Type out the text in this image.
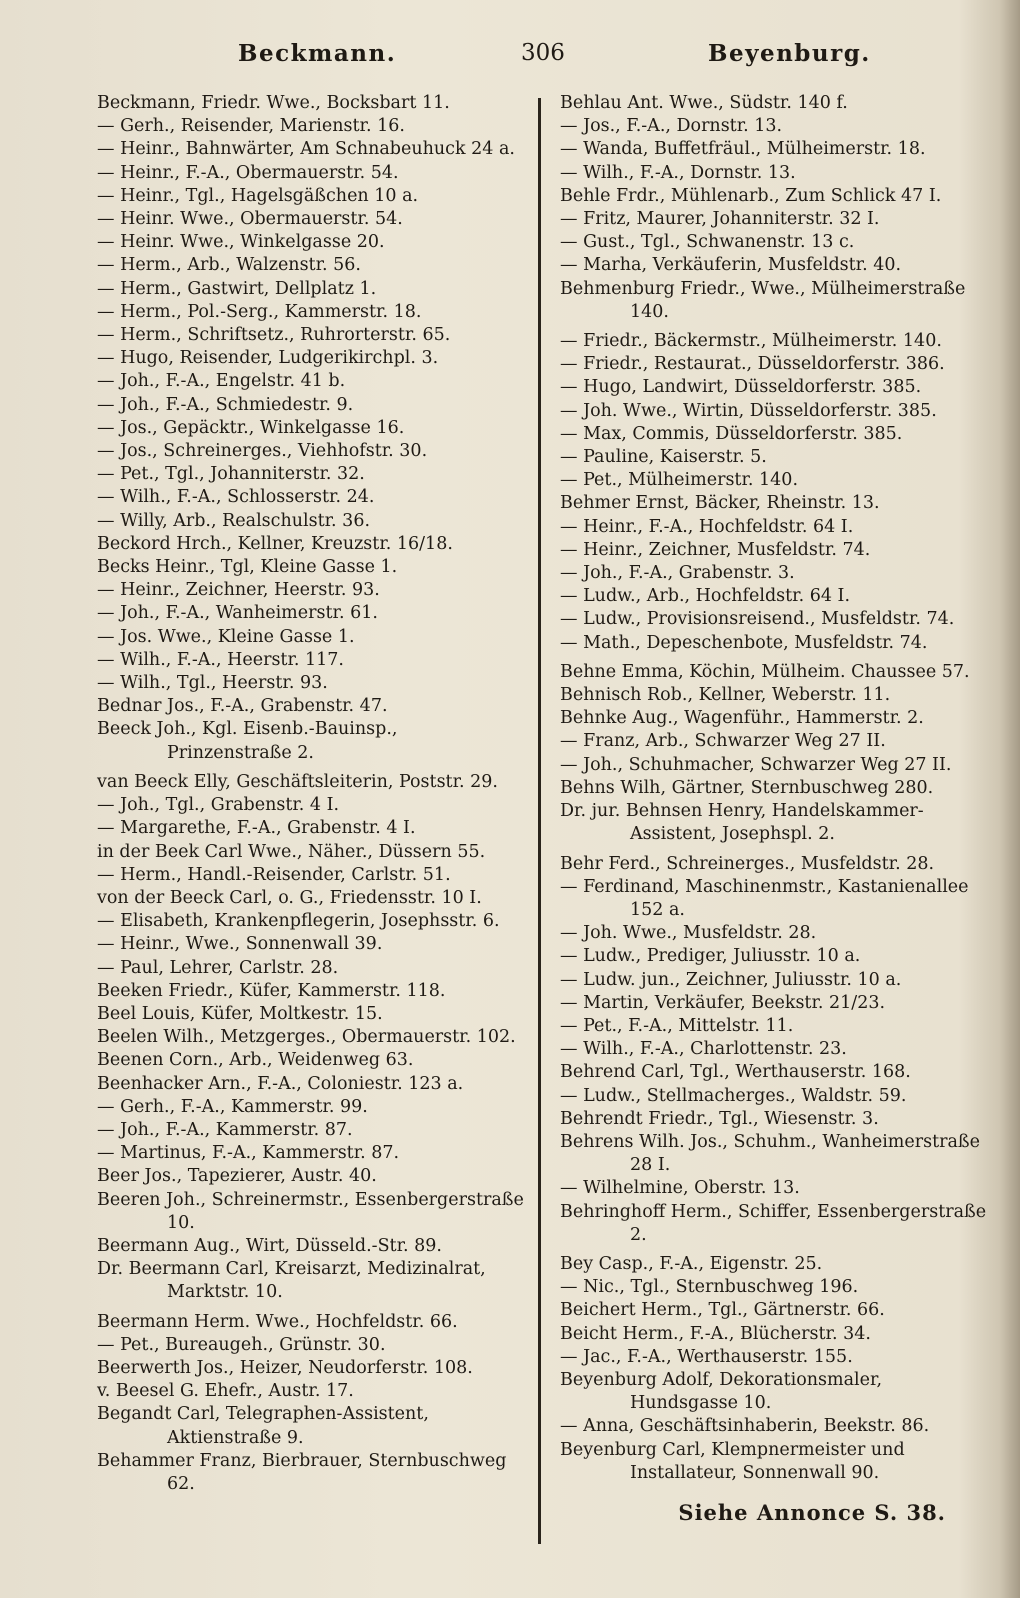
Beckmann.	306	Beyenburg.

Beckmann, Friedr. Wwe., Bocksbart 11.

— Gerh., Reisender, Marienstr. 16.

— Heinr., Bahnwärter, Am Schnabeuhuck 24 a.

— Heinr., F.-A., Obermauerstr. 54.

— Heinr., Tgl., Hagelsgäßchen 10 a.

— Heinr. Wwe., Obermauerstr. 54.

— Heinr. Wwe., Winkelgasse 20.

— Herm., Arb., Walzenstr. 56.

— Herm., Gastwirt, Dellplatz 1.

— Herm., Pol.-Serg., Kammerstr. 18.

— Herm., Schriftsetz., Ruhrorterstr. 65.

— Hugo, Reisender, Ludgerikirchpl. 3.

— Joh., F.-A., Engelstr. 41 b.

— Joh., F.-A., Schmiedestr. 9.

— Jos., Gepäcktr., Winkelgasse 16.

— Jos., Schreinerges., Viehhofstr. 30.

— Pet., Tgl., Johanniterstr. 32.

— Wilh., F.-A., Schlosserstr. 24.

— Willy, Arb., Realschulstr. 36.

Beckord Hrch., Kellner, Kreuzstr. 16/18.

Becks Heinr., Tgl, Kleine Gasse 1.

— Heinr., Zeichner, Heerstr. 93.

— Joh., F.-A., Wanheimerstr. 61.

— Jos. Wwe., Kleine Gasse 1.

— Wilh., F.-A., Heerstr. 117.

— Wilh., Tgl., Heerstr. 93.

Bednar Jos., F.-A., Grabenstr. 47.

Beeck Joh., Kgl. Eisenb.-Bauinsp., Prinzenstraße 2.

van Beeck Elly, Geschäftsleiterin, Poststr. 29.

— Joh., Tgl., Grabenstr. 4 I.

— Margarethe, F.-A., Grabenstr. 4 I.

in der Beek Carl Wwe., Näher., Düssern 55.

— Herm., Handl.-Reisender, Carlstr. 51.

von der Beeck Carl, o. G., Friedensstr. 10 I.

— Elisabeth, Krankenpflegerin, Josephsstr. 6.

— Heinr., Wwe., Sonnenwall 39.

— Paul, Lehrer, Carlstr. 28.

Beeken Friedr., Küfer, Kammerstr. 118.

Beel Louis, Küfer, Moltkestr. 15.

Beelen Wilh., Metzgerges., Obermauerstr. 102.

Beenen Corn., Arb., Weidenweg 63.

Beenhacker Arn., F.-A., Coloniestr. 123 a.

— Gerh., F.-A., Kammerstr. 99.

— Joh., F.-A., Kammerstr. 87.

— Martinus, F.-A., Kammerstr. 87.

Beer Jos., Tapezierer, Austr. 40.

Beeren Joh., Schreinermstr., Essenbergerstraße 10.

Beermann Aug., Wirt, Düsseld.-Str. 89.

Dr. Beermann Carl, Kreisarzt, Medizinalrat, Marktstr. 10.

Beermann Herm. Wwe., Hochfeldstr. 66.

— Pet., Bureaugeh., Grünstr. 30.

Beerwerth Jos., Heizer, Neudorferstr. 108.

v. Beesel G. Ehefr., Austr. 17.

Begandt Carl, Telegraphen-Assistent, Aktienstraße 9.

Behammer Franz, Bierbrauer, Sternbuschweg 62.

Behlau Ant. Wwe., Südstr. 140 f.

— Jos., F.-A., Dornstr. 13.

— Wanda, Buffetfräul., Mülheimerstr. 18.

— Wilh., F.-A., Dornstr. 13.

Behle Frdr., Mühlenarb., Zum Schlick 47 I.

— Fritz, Maurer, Johanniterstr. 32 I.

— Gust., Tgl., Schwanenstr. 13 c.

— Marha, Verkäuferin, Musfeldstr. 40.

Behmenburg Friedr., Wwe., Mülheimerstraße 140.

— Friedr., Bäckermstr., Mülheimerstr. 140.

— Friedr., Restaurat., Düsseldorferstr. 386.

— Hugo, Landwirt, Düsseldorferstr. 385.

— Joh. Wwe., Wirtin, Düsseldorferstr. 385.

— Max, Commis, Düsseldorferstr. 385.

— Pauline, Kaiserstr. 5.

— Pet., Mülheimerstr. 140.

Behmer Ernst, Bäcker, Rheinstr. 13.

— Heinr., F.-A., Hochfeldstr. 64 I.

— Heinr., Zeichner, Musfeldstr. 74.

— Joh., F.-A., Grabenstr. 3.

— Ludw., Arb., Hochfeldstr. 64 I.

— Ludw., Provisionsreisend., Musfeldstr. 74.

— Math., Depeschenbote, Musfeldstr. 74.

Behne Emma, Köchin, Mülheim. Chaussee 57.

Behnisch Rob., Kellner, Weberstr. 11.

Behnke Aug., Wagenführ., Hammerstr. 2.

— Franz, Arb., Schwarzer Weg 27 II.

— Joh., Schuhmacher, Schwarzer Weg 27 II.

Behns Wilh, Gärtner, Sternbuschweg 280.

Dr. jur. Behnsen Henry, Handelskammer-Assistent, Josephspl. 2.

Behr Ferd., Schreinerges., Musfeldstr. 28.

— Ferdinand, Maschinenmstr., Kastanienallee 152 a.

— Joh. Wwe., Musfeldstr. 28.

— Ludw., Prediger, Juliusstr. 10 a.

— Ludw. jun., Zeichner, Juliusstr. 10 a.

— Martin, Verkäufer, Beekstr. 21/23.

— Pet., F.-A., Mittelstr. 11.

— Wilh., F.-A., Charlottenstr. 23.

Behrend Carl, Tgl., Werthauserstr. 168.

— Ludw., Stellmacherges., Waldstr. 59.

Behrendt Friedr., Tgl., Wiesenstr. 3.

Behrens Wilh. Jos., Schuhm., Wanheimerstraße 28 I.

— Wilhelmine, Oberstr. 13.

Behringhoff Herm., Schiffer, Essenbergerstraße 2.

Bey Casp., F.-A., Eigenstr. 25.

— Nic., Tgl., Sternbuschweg 196.

Beichert Herm., Tgl., Gärtnerstr. 66.

Beicht Herm., F.-A., Blücherstr. 34.

— Jac., F.-A., Werthauserstr. 155.

Beyenburg Adolf, Dekorationsmaler, Hundsgasse 10.

— Anna, Geschäftsinhaberin, Beekstr. 86.

Beyenburg Carl, Klempnermeister und Installateur, Sonnenwall 90.

Siehe Annonce S. 38.
